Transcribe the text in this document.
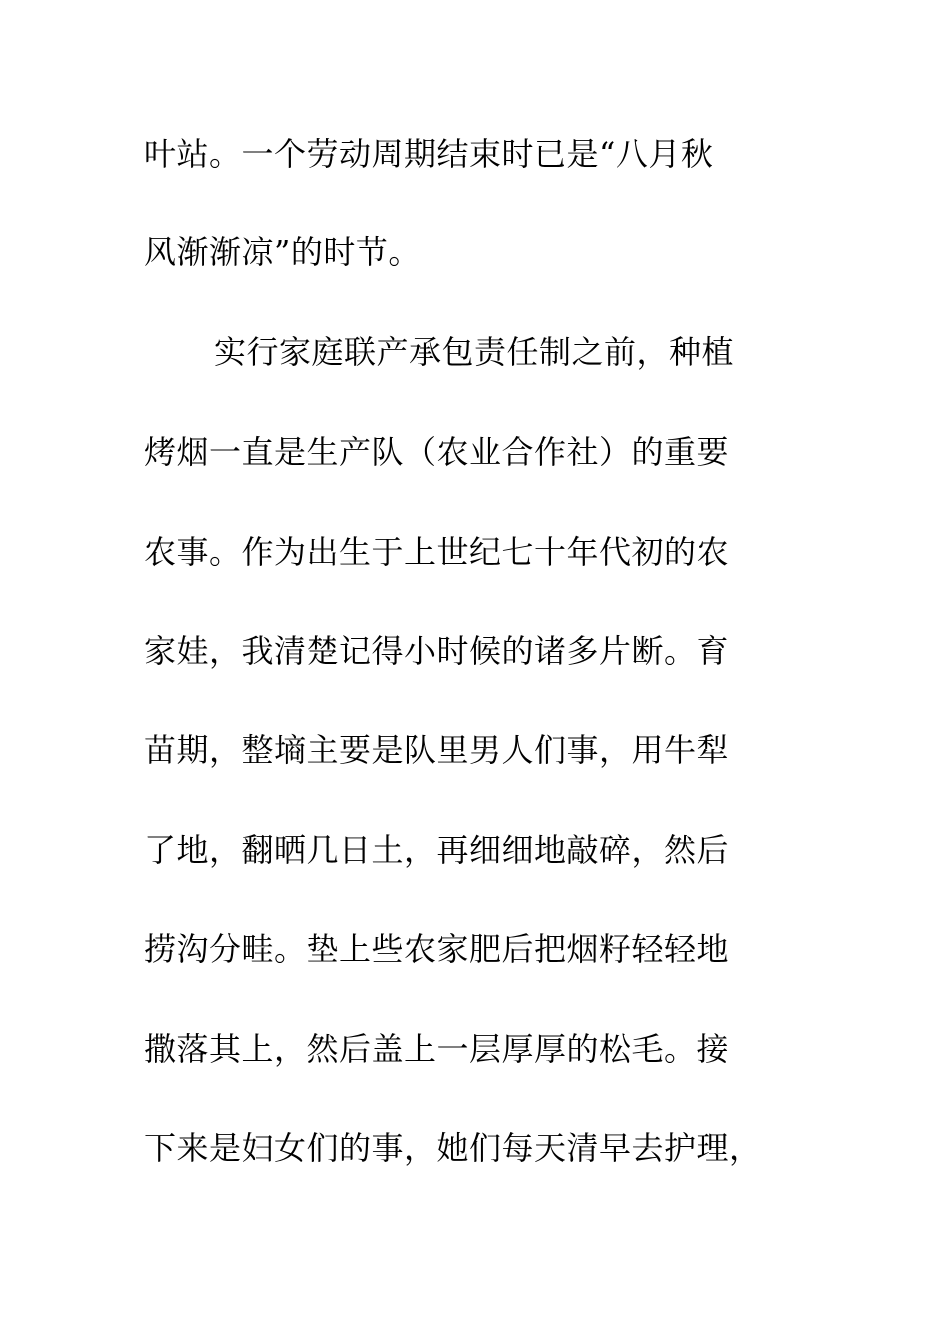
叶站。一个劳动周期结束时已是“八月秋
风渐渐凉”的时节。
实行家庭联产承包责任制之前，种植
烤烟一直是生产队（农业合作社）的重要
农事。作为出生于上世纪七十年代初的农
家娃，我清楚记得小时候的诸多片断。育
苗期，整墒主要是队里男人们事，用牛犁
了地，翻晒几日土，再细细地敲碎，然后
捞沟分畦。垫上些农家肥后把烟籽轻轻地
撒落其上，然后盖上一层厚厚的松毛。接
下来是妇女们的事，她们每天清早去护理，
